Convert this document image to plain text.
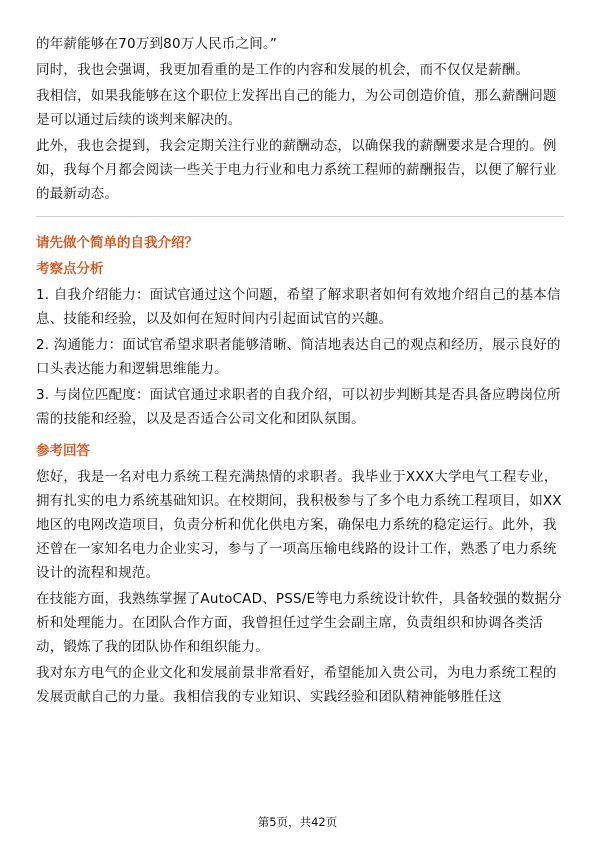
的年薪能够在70万到80万人民币之间。”

同时，我也会强调，我更加看重的是工作的内容和发展的机会，而不仅仅是薪酬。

我相信，如果我能够在这个职位上发挥出自己的能力，为公司创造价值，那么薪酬问题是可以通过后续的谈判来解决的。

此外，我也会提到，我会定期关注行业的薪酬动态，以确保我的薪酬要求是合理的。例如，我每个月都会阅读一些关于电力行业和电力系统工程师的薪酬报告，以便了解行业的最新动态。

请先做个简单的自我介绍？

考察点分析

1. 自我介绍能力：面试官通过这个问题，希望了解求职者如何有效地介绍自己的基本信息、技能和经验，以及如何在短时间内引起面试官的兴趣。

2. 沟通能力：面试官希望求职者能够清晰、简洁地表达自己的观点和经历，展示良好的口头表达能力和逻辑思维能力。

3. 与岗位匹配度：面试官通过求职者的自我介绍，可以初步判断其是否具备应聘岗位所需的技能和经验，以及是否适合公司文化和团队氛围。

参考回答

您好，我是一名对电力系统工程充满热情的求职者。我毕业于XXX大学电气工程专业，拥有扎实的电力系统基础知识。在校期间，我积极参与了多个电力系统工程项目，如XX地区的电网改造项目，负责分析和优化供电方案，确保电力系统的稳定运行。此外，我还曾在一家知名电力企业实习，参与了一项高压输电线路的设计工作，熟悉了电力系统设计的流程和规范。

在技能方面，我熟练掌握了AutoCAD、PSS/E等电力系统设计软件，具备较强的数据分析和处理能力。在团队合作方面，我曾担任过学生会副主席，负责组织和协调各类活动，锻炼了我的团队协作和组织能力。

我对东方电气的企业文化和发展前景非常看好，希望能加入贵公司，为电力系统工程的发展贡献自己的力量。我相信我的专业知识、实践经验和团队精神能够胜任这

第5页，共42页
